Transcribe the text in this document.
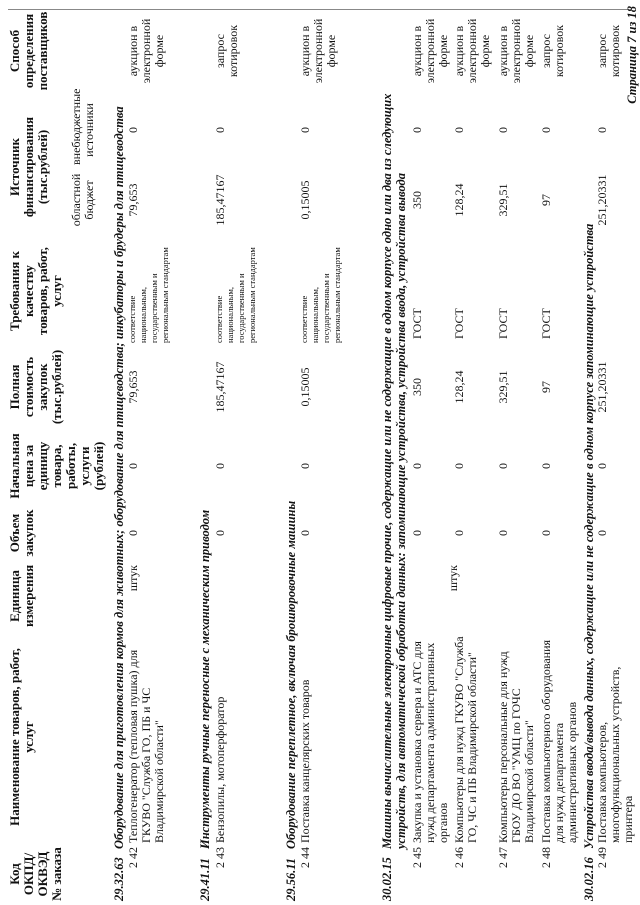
Код ОКПД/ ОКВЭД № заказа
Наименование товаров, работ, услуг
Единица измерения
Объем закупок
Начальная цена за единицу товара, работы, услуги (рублей)
Полная стоимость закупок (тыс.рублей)
Требования к качеству товаров, работ, услуг
Источник финансирования (тыс.рублей) областной бюджет
внебюджетные источники
Способ определения поставщиков
29.32.63Оборудование для приготовления кормов для животных; оборудование для птицеводства; инкубаторы и брудеры для птицеводства
2 42
Теплогенератор (тепловая пушка) для ГКУВО "Служба ГО, ПБ и ЧС Владимирской области"
штук
0
0
79,653
соответствие национальным, государственным и региональным стандартам
79,653
0
аукцион в электронной форме
29.41.11Инструменты ручные переносные с механическим приводом
2 43
Бензопилы, мотоперфоратор
0
0
185,47167
соответствие национальным, государственным и региональным стандартам
185,47167
0
запрос котировок
29.56.11Оборудование переплетное, включая брошюровочные машины
2 44
Поставка канцелярских товаров
0
0
0,15005
соответствие национальным, государственным и региональным стандартам
0,15005
0
аукцион в электронной форме
30.02.15Машины вычислительные электронные цифровые прочие, содержащие или не содержащие в одном корпусе одно или два из следующих устройств, для автоматической обработки данных: запоминающие устройства, устройства ввода, устройства вывода
2 45
Закупка и установка сервера и АТС для нужд департамента административных органов
0
0
350
ГОСТ
350
0
аукцион в электронной форме
2 46
Компьютеры для нужд ГКУВО "Служба ГО, ЧС и ПБ Владимирской области"
штук
0
0
128,24
ГОСТ
128,24
0
аукцион в электронной форме
2 47
Компьютеры персональные для нужд ГБОУ ДО ВО "УМЦ по ГОЧС Владимирской области"
0
0
329,51
ГОСТ
329,51
0
аукцион в электронной форме
2 48
Поставка компьютерного оборудования для нужд департамента административных органов
0
0
97
ГОСТ
97
0
запрос котировок
30.02.16Устройства ввода/вывода данных, содержащие или не содержащие в одном корпусе запоминающие устройства
2 49
Поставка компьютеров, многофункциональных устройств, принтера
0
0
251,20331
251,20331
0
запрос котировок Страница 7 из 18
